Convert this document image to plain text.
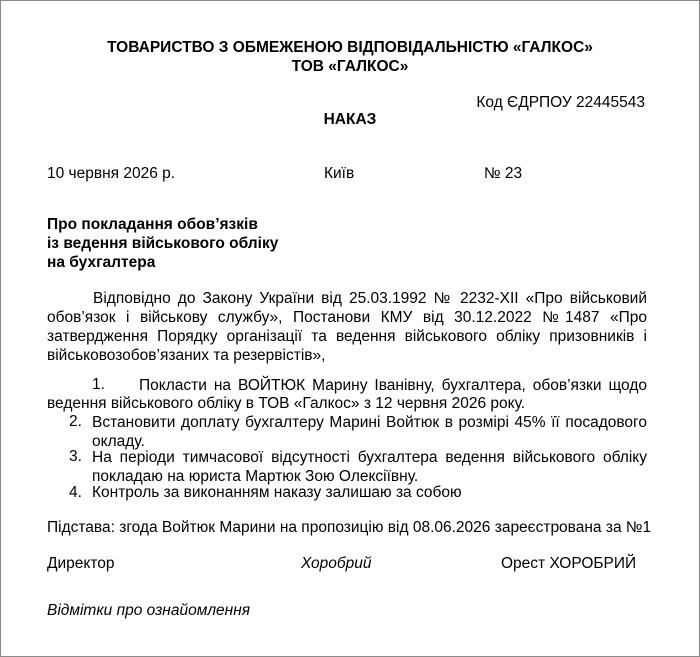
ТОВАРИСТВО З ОБМЕЖЕНОЮ ВІДПОВІДАЛЬНІСТЮ «ГАЛКОС»
ТОВ «ГАЛКОС»
Код ЄДРПОУ 22445543
НАКАЗ
10 червня 2026 р.	Київ	№ 23
Про покладання обов’язків
із ведення військового обліку
на бухгалтера
Відповідно до Закону України від 25.03.1992 № 2232-XII «Про військовий
обов’язок і військову службу», Постанови КМУ від 30.12.2022 №1487 «Про
затвердження Порядку організації та ведення військового обліку призовників і
військовозобов’язаних та резервістів»,
1. Покласти на ВОЙТЮК Марину Іванівну, бухгалтера, обов’язки щодо
ведення військового обліку в ТОВ «Галкос» з 12 червня 2026 року.
2. Встановити доплату бухгалтеру Марині Войтюк в розмірі 45% її посадового
окладу.
3. На періоди тимчасової відсутності бухгалтера ведення військового обліку
покладаю на юриста Мартюк Зою Олексіївну.
4. Контроль за виконанням наказу залишаю за собою
Підстава: згода Войтюк Марини на пропозицію від 08.06.2026 зареєстрована за №1
Директор	Хоробрий	Орест ХОРОБРИЙ
Відмітки про ознайомлення
